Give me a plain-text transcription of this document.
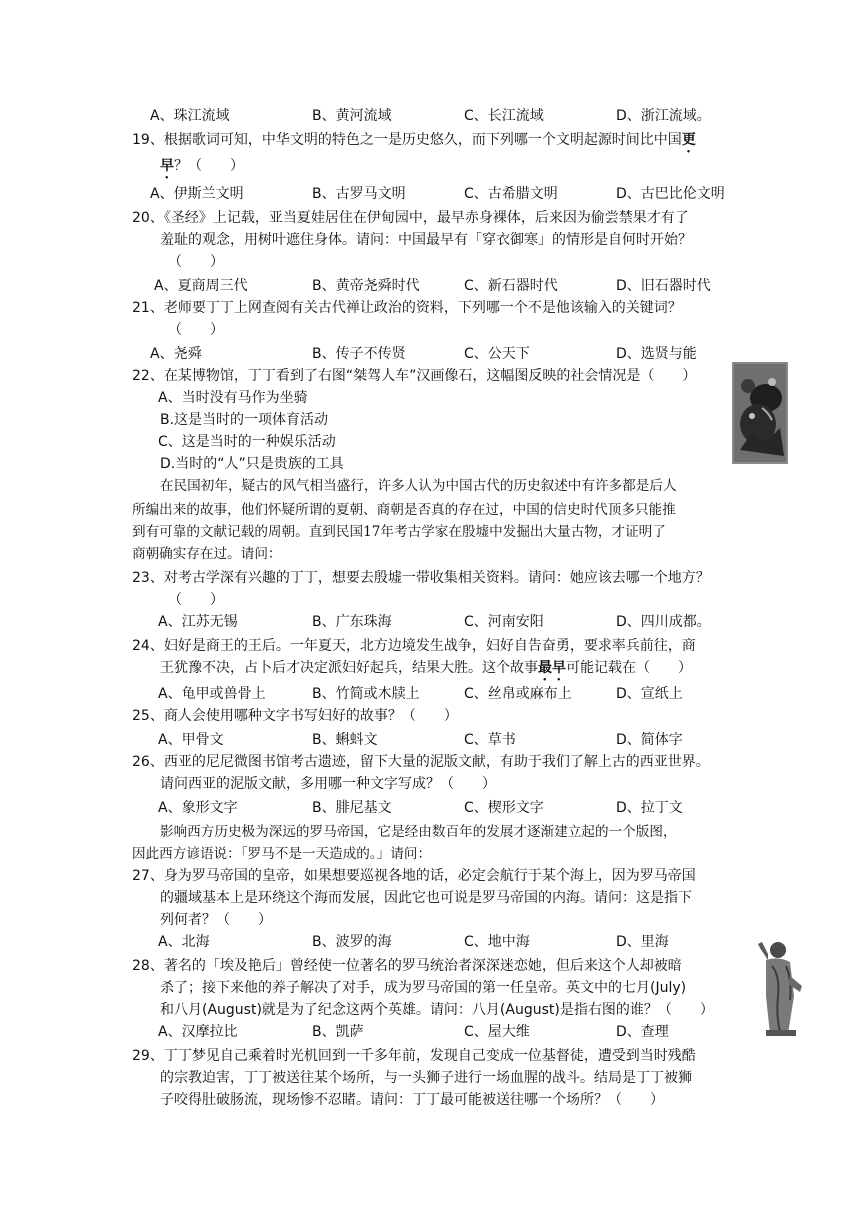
A、珠江流域	B、黄河流域	C、长江流域	D、浙江流域。
19、根据歌词可知，中华文明的特色之一是历史悠久，而下列哪一个文明起源时间比中国更
早？（　　）
A、伊斯兰文明	B、古罗马文明	C、古希腊文明	D、古巴比伦文明
20、《圣经》上记载，亚当夏娃居住在伊甸园中，最早赤身裸体，后来因为偷尝禁果才有了
羞耻的观念，用树叶遮住身体。请问：中国最早有「穿衣御寒」的情形是自何时开始？
（　　）
A、夏商周三代	B、黄帝尧舜时代	C、新石器时代	D、旧石器时代
21、老师要丁丁上网查阅有关古代禅让政治的资料，下列哪一个不是他该输入的关键词？
（　　）
A、尧舜	B、传子不传贤	C、公天下	D、选贤与能
22、在某博物馆，丁丁看到了右图“桀驾人车”汉画像石，这幅图反映的社会情况是（　　）
A、当时没有马作为坐骑
B.这是当时的一项体育活动
C、这是当时的一种娱乐活动
D.当时的“人”只是贵族的工具
在民国初年，疑古的风气相当盛行，许多人认为中国古代的历史叙述中有许多都是后人
所编出来的故事，他们怀疑所谓的夏朝、商朝是否真的存在过，中国的信史时代顶多只能推
到有可靠的文献记载的周朝。直到民国17年考古学家在殷墟中发掘出大量古物，才证明了
商朝确实存在过。请问：
23、对考古学深有兴趣的丁丁，想要去殷墟一带收集相关资料。请问：她应该去哪一个地方？
（　　）
A、江苏无锡	B、广东珠海	C、河南安阳	D、四川成都。
24、妇好是商王的王后。一年夏天，北方边境发生战争，妇好自告奋勇，要求率兵前往，商
王犹豫不决，占卜后才决定派妇好起兵，结果大胜。这个故事最早可能记载在（　　）
A、龟甲或兽骨上	B、竹简或木牍上	C、丝帛或麻布上	D、宣纸上
25、商人会使用哪种文字书写妇好的故事？（　　）
A、甲骨文	B、蝌蚪文	C、草书	D、简体字
26、西亚的尼尼微图书馆考古遗迹，留下大量的泥版文献，有助于我们了解上古的西亚世界。
请问西亚的泥版文献，多用哪一种文字写成？（　　）
A、象形文字	B、腓尼基文	C、楔形文字	D、拉丁文
影响西方历史极为深远的罗马帝国，它是经由数百年的发展才逐渐建立起的一个版图，
因此西方谚语说：「罗马不是一天造成的。」请问：
27、身为罗马帝国的皇帝，如果想要巡视各地的话，必定会航行于某个海上，因为罗马帝国
的疆域基本上是环绕这个海而发展，因此它也可说是罗马帝国的内海。请问：这是指下
列何者？（　　）
A、北海	B、波罗的海	C、地中海	D、里海
28、著名的「埃及艳后」曾经使一位著名的罗马统治者深深迷恋她，但后来这个人却被暗
杀了；接下来他的养子解决了对手，成为罗马帝国的第一任皇帝。英文中的七月(July)
和八月(August)就是为了纪念这两个英雄。请问：八月(August)是指右图的谁？（　　）
A、汉摩拉比	B、凯萨	C、屋大维	D、查理
29、丁丁梦见自己乘着时光机回到一千多年前，发现自己变成一位基督徒，遭受到当时残酷
的宗教迫害，丁丁被送往某个场所，与一头狮子进行一场血腥的战斗。结局是丁丁被狮
子咬得肚破肠流，现场惨不忍睹。请问：丁丁最可能被送往哪一个场所？（　　）
